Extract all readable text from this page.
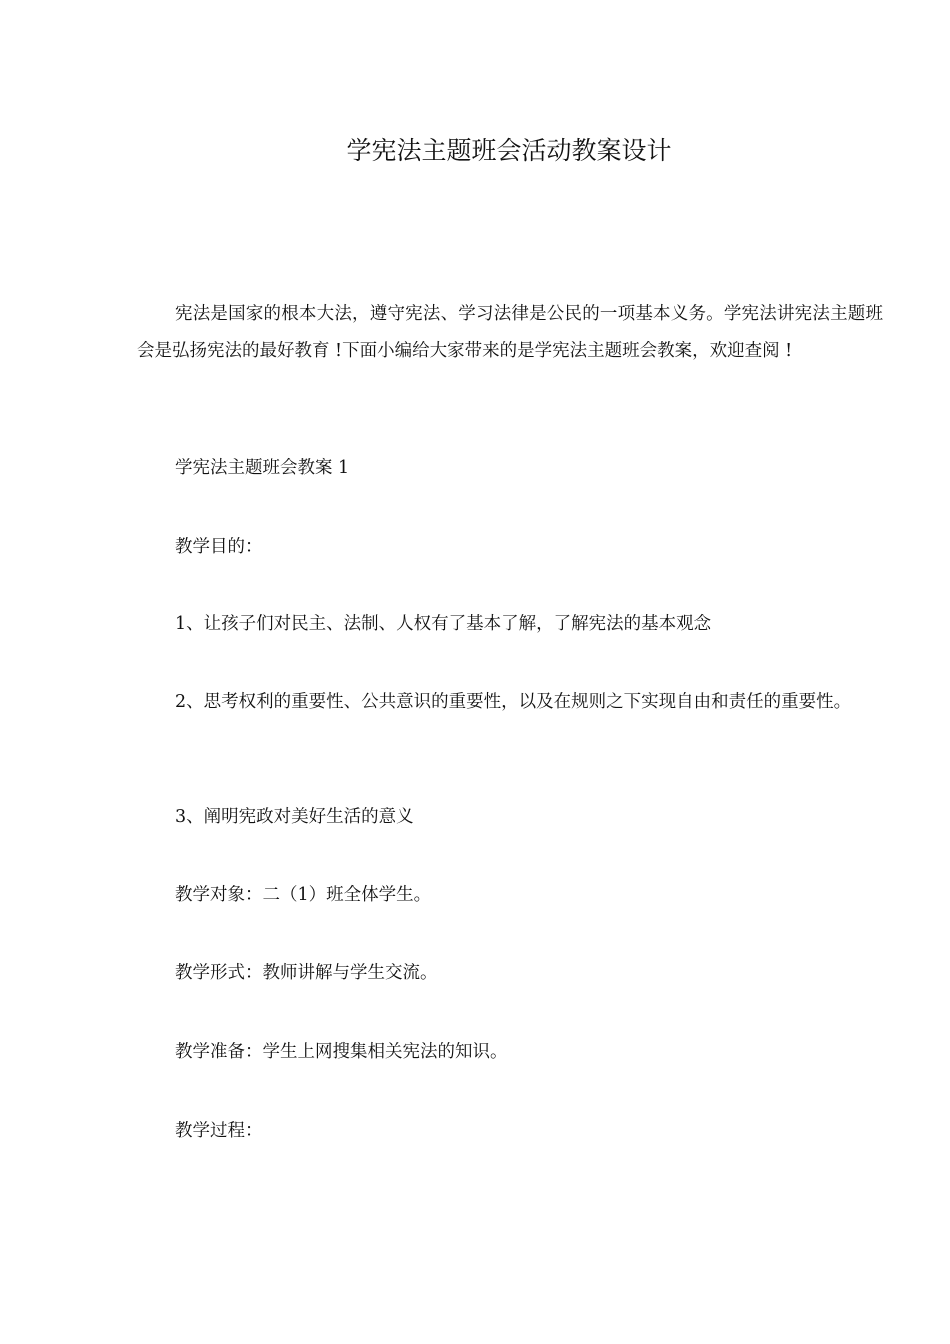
学宪法主题班会活动教案设计

宪法是国家的根本大法，遵守宪法、学习法律是公民的一项基本义务。学宪法讲宪法主题班会是弘扬宪法的最好教育 !下面小编给大家带来的是学宪法主题班会教案，欢迎查阅 !

学宪法主题班会教案 1

教学目的：

1、让孩子们对民主、法制、人权有了基本了解，了解宪法的基本观念

2、思考权利的重要性、公共意识的重要性，以及在规则之下实现自由和责任的重要性。

3、阐明宪政对美好生活的意义

教学对象：二（1）班全体学生。

教学形式：教师讲解与学生交流。

教学准备：学生上网搜集相关宪法的知识。

教学过程：
